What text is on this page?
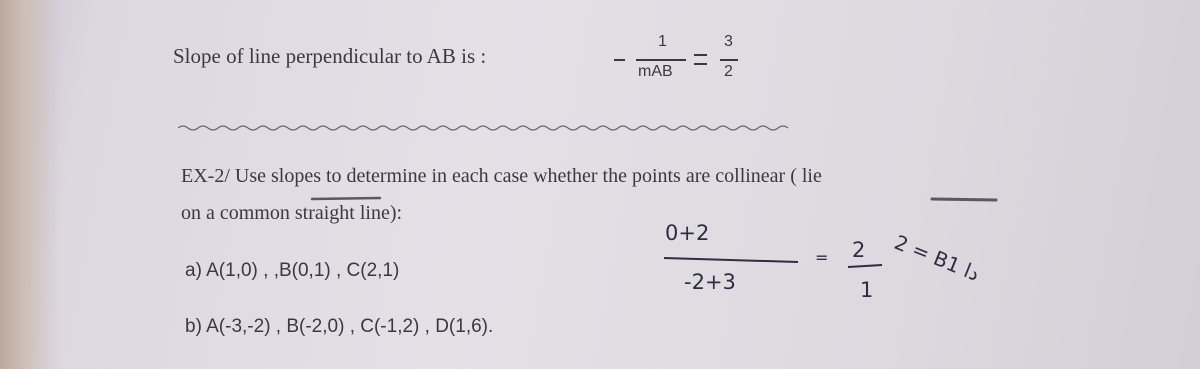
Slope of line perpendicular to AB is :
1
mAB
3
2
EX-2/ Use slopes to determine in each case whether the points are collinear ( lie
on a common straight line):
a) A(1,0) , ,B(0,1) , C(2,1)
b) A(-3,-2) , B(-2,0) , C(-1,2) , D(1,6).
0+2
-2+3
= 2
1
2 = B1 دا
